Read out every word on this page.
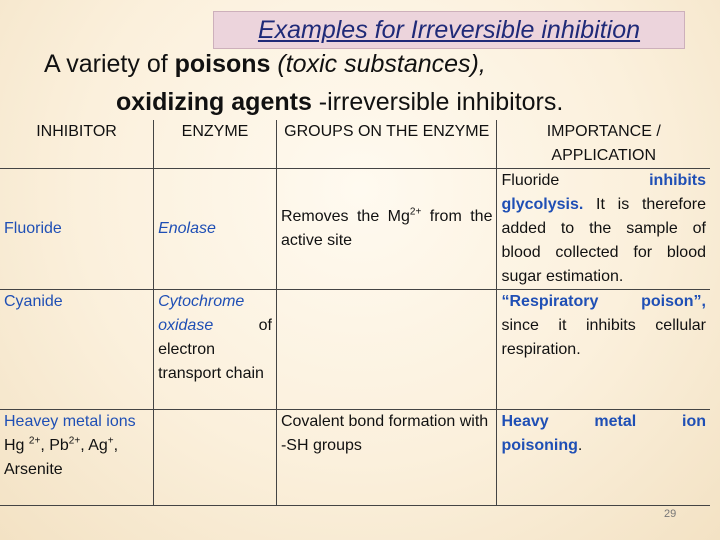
Examples for Irreversible inhibition
A variety of poisons (toxic substances),
oxidizing agents -irreversible inhibitors.
INHIBITOR	ENZYME	GROUPS ON THE ENZYME	IMPORTANCE / APPLICATION
Fluoride	Enolase	Removes the $Mg^{2+}$ from the active site	Fluoride inhibits glycolysis. It is therefore added to the sample of blood collected for blood sugar estimation.
Cyanide	Cytochrome oxidase of electron transport chain		“Respiratory poison”, since it inhibits cellular respiration.
Heavey metal ions Hg $^{2+}$, $Pb^{2+}$, Ag+, Arsenite		Covalent bond formation with -SH groups	Heavy metal ion poisoning.
29
